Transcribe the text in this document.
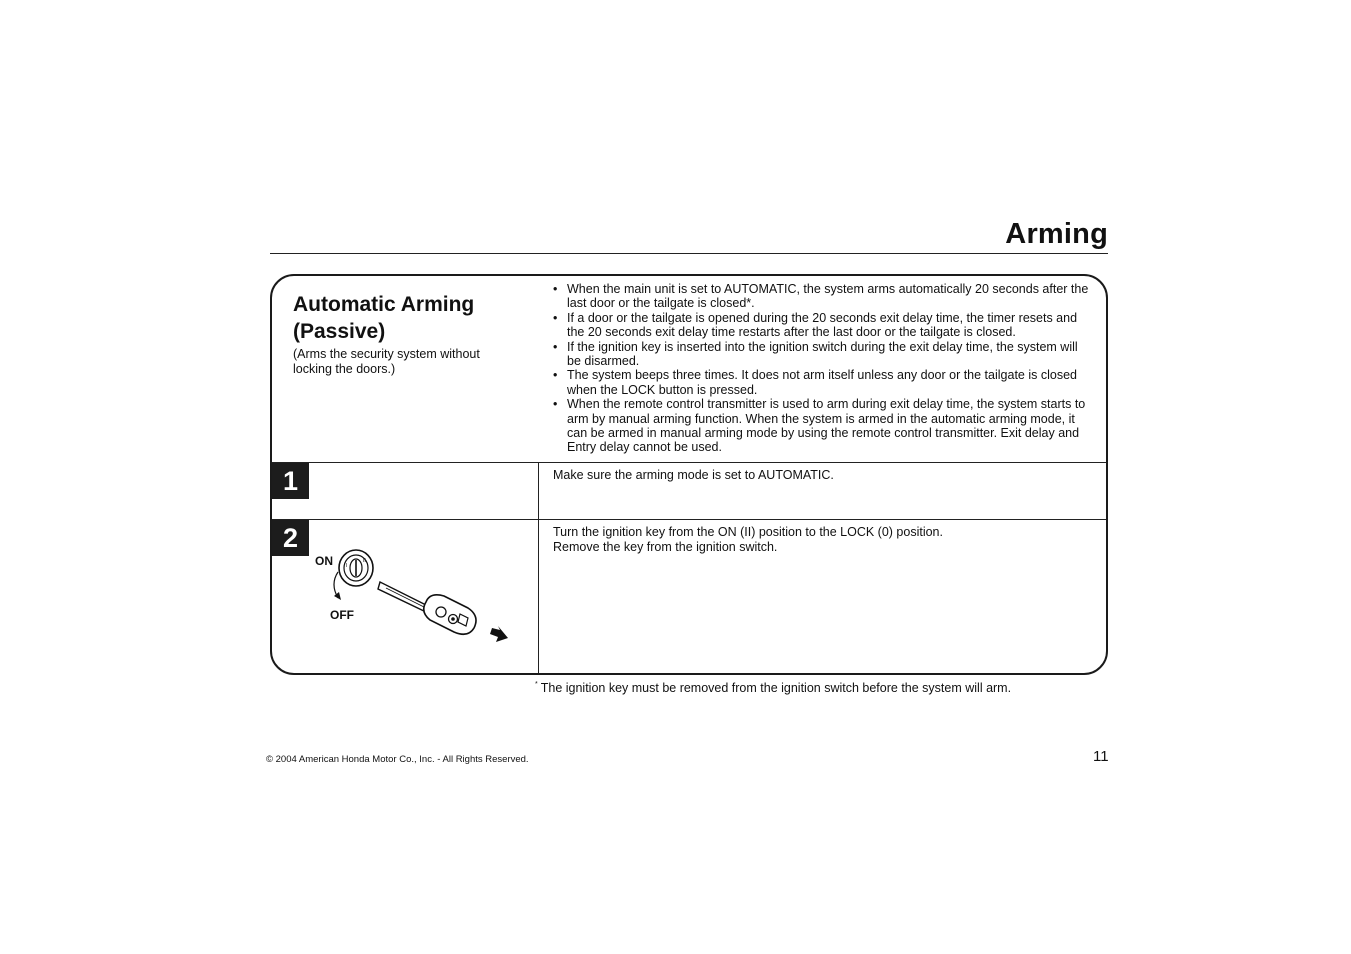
Arming
Automatic Arming
(Passive)
(Arms the security system without
locking the doors.)
• When the main unit is set to AUTOMATIC, the system arms automatically 20 seconds after the last door or the tailgate is closed*.
• If a door or the tailgate is opened during the 20 seconds exit delay time, the timer resets and the 20 seconds exit delay time restarts after the last door or the tailgate is closed.
• If the ignition key is inserted into the ignition switch during the exit delay time, the system will be disarmed.
• The system beeps three times. It does not arm itself unless any door or the tailgate is closed when the LOCK button is pressed.
• When the remote control transmitter is used to arm during exit delay time, the system starts to arm by manual arming function. When the system is armed in the automatic arming mode, it can be armed in manual arming mode by using the remote control transmitter. Exit delay and Entry delay cannot be used.
1	Make sure the arming mode is set to AUTOMATIC.
2	Turn the ignition key from the ON (II) position to the LOCK (0) position.
Remove the key from the ignition switch.
I
II
ON
OFF
* The ignition key must be removed from the ignition switch before the system will arm.
© 2004 American Honda Motor Co., Inc. - All Rights Reserved.	11
